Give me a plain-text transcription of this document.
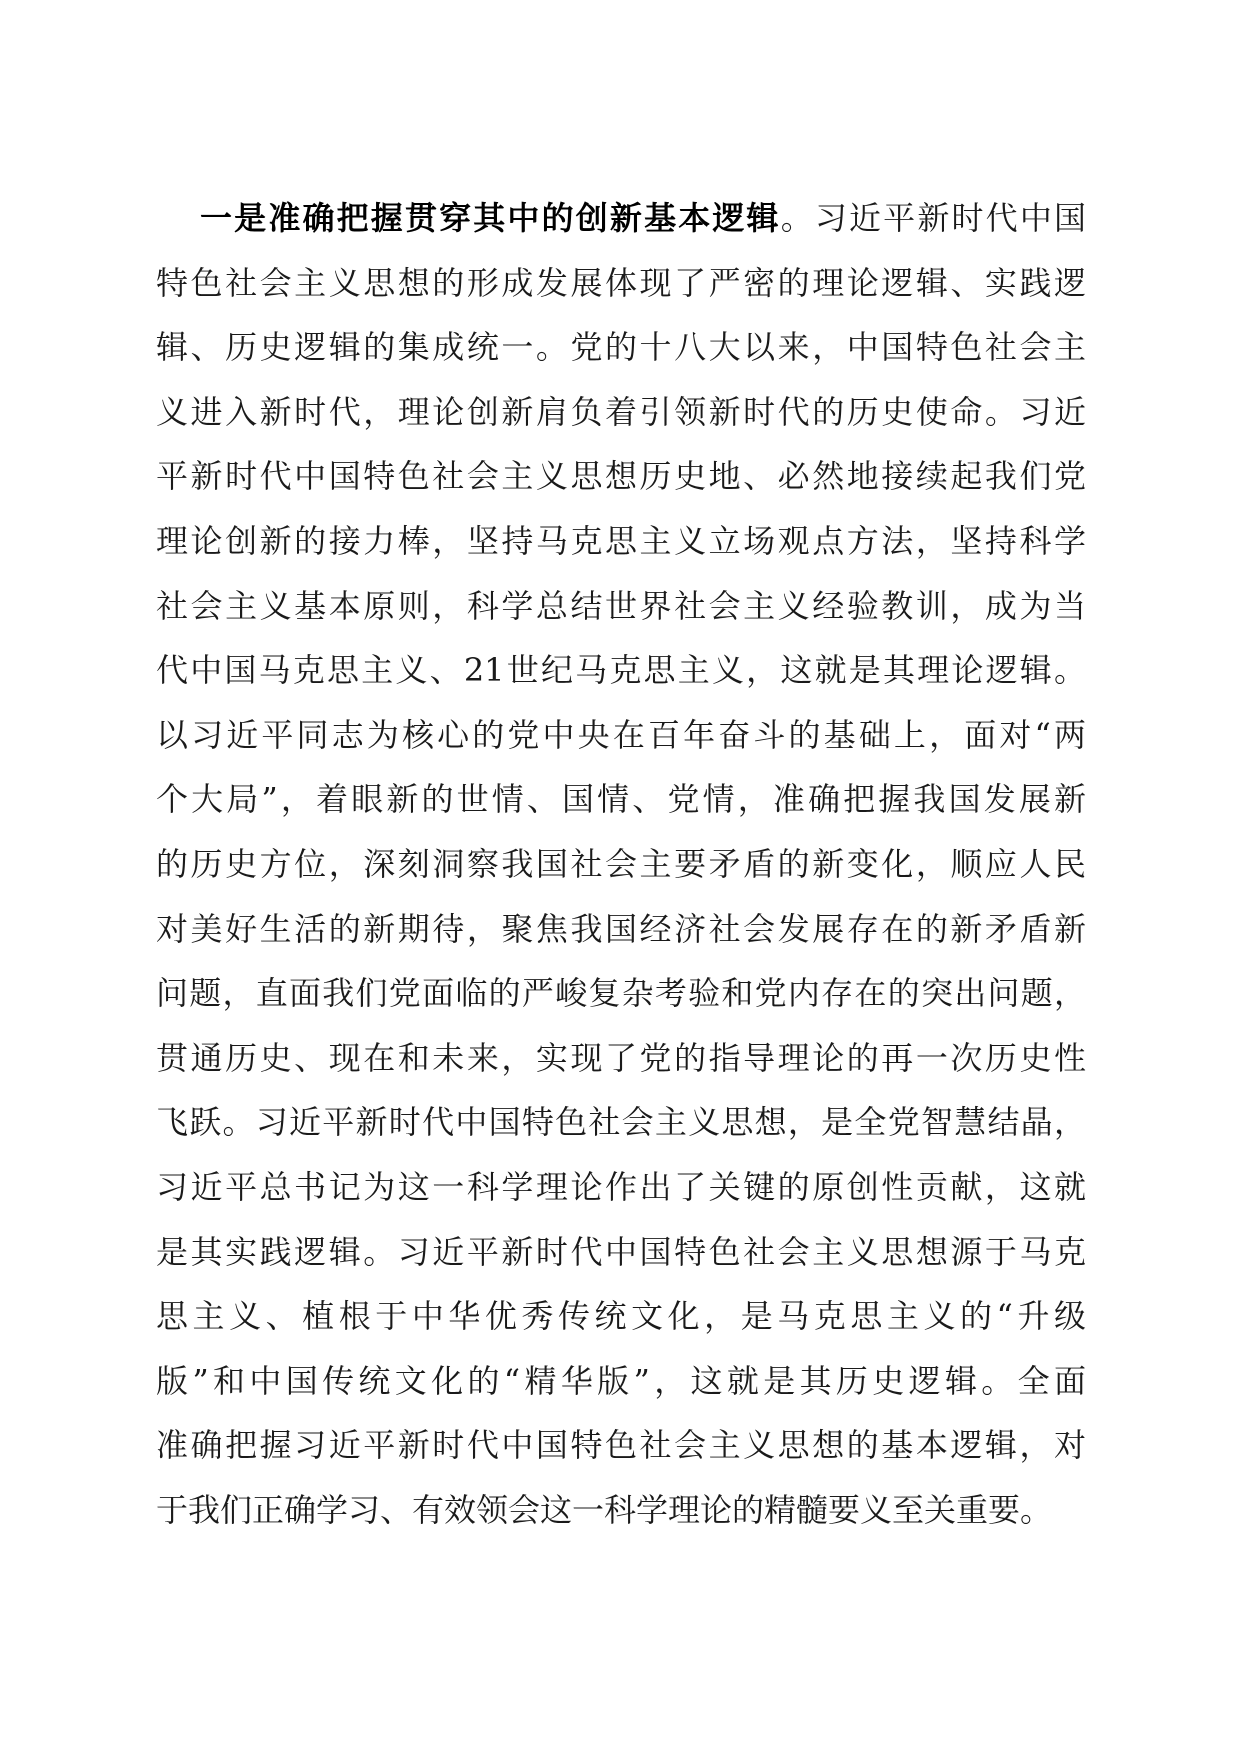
一是准确把握贯穿其中的创新基本逻辑。习近平新时代中国
特色社会主义思想的形成发展体现了严密的理论逻辑、实践逻
辑、历史逻辑的集成统一。党的十八大以来，中国特色社会主
义进入新时代，理论创新肩负着引领新时代的历史使命。习近
平新时代中国特色社会主义思想历史地、必然地接续起我们党
理论创新的接力棒，坚持马克思主义立场观点方法，坚持科学
社会主义基本原则，科学总结世界社会主义经验教训，成为当
代中国马克思主义、21世纪马克思主义，这就是其理论逻辑。
以习近平同志为核心的党中央在百年奋斗的基础上，面对“两
个大局”，着眼新的世情、国情、党情，准确把握我国发展新
的历史方位，深刻洞察我国社会主要矛盾的新变化，顺应人民
对美好生活的新期待，聚焦我国经济社会发展存在的新矛盾新
问题，直面我们党面临的严峻复杂考验和党内存在的突出问题，
贯通历史、现在和未来，实现了党的指导理论的再一次历史性
飞跃。习近平新时代中国特色社会主义思想，是全党智慧结晶，
习近平总书记为这一科学理论作出了关键的原创性贡献，这就
是其实践逻辑。习近平新时代中国特色社会主义思想源于马克
思主义、植根于中华优秀传统文化，是马克思主义的“升级
版”和中国传统文化的“精华版”，这就是其历史逻辑。全面
准确把握习近平新时代中国特色社会主义思想的基本逻辑，对
于我们正确学习、有效领会这一科学理论的精髓要义至关重要。
